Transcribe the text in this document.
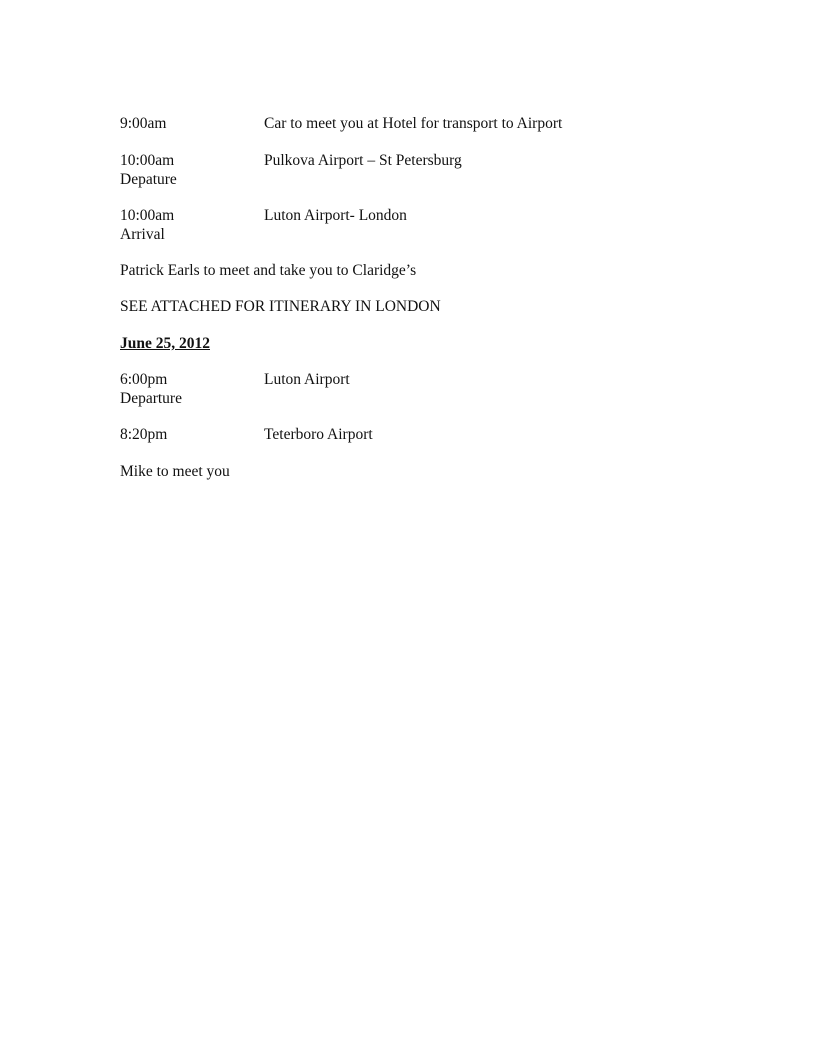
9:00am	Car to meet you at Hotel for transport to Airport
10:00am
Depature
Pulkova Airport – St Petersburg
10:00am
Arrival
Luton Airport- London
Patrick Earls to meet and take you to Claridge’s
SEE ATTACHED FOR ITINERARY IN LONDON
June 25, 2012
6:00pm
Departure
Luton Airport
8:20pm	Teterboro Airport
Mike to meet you
